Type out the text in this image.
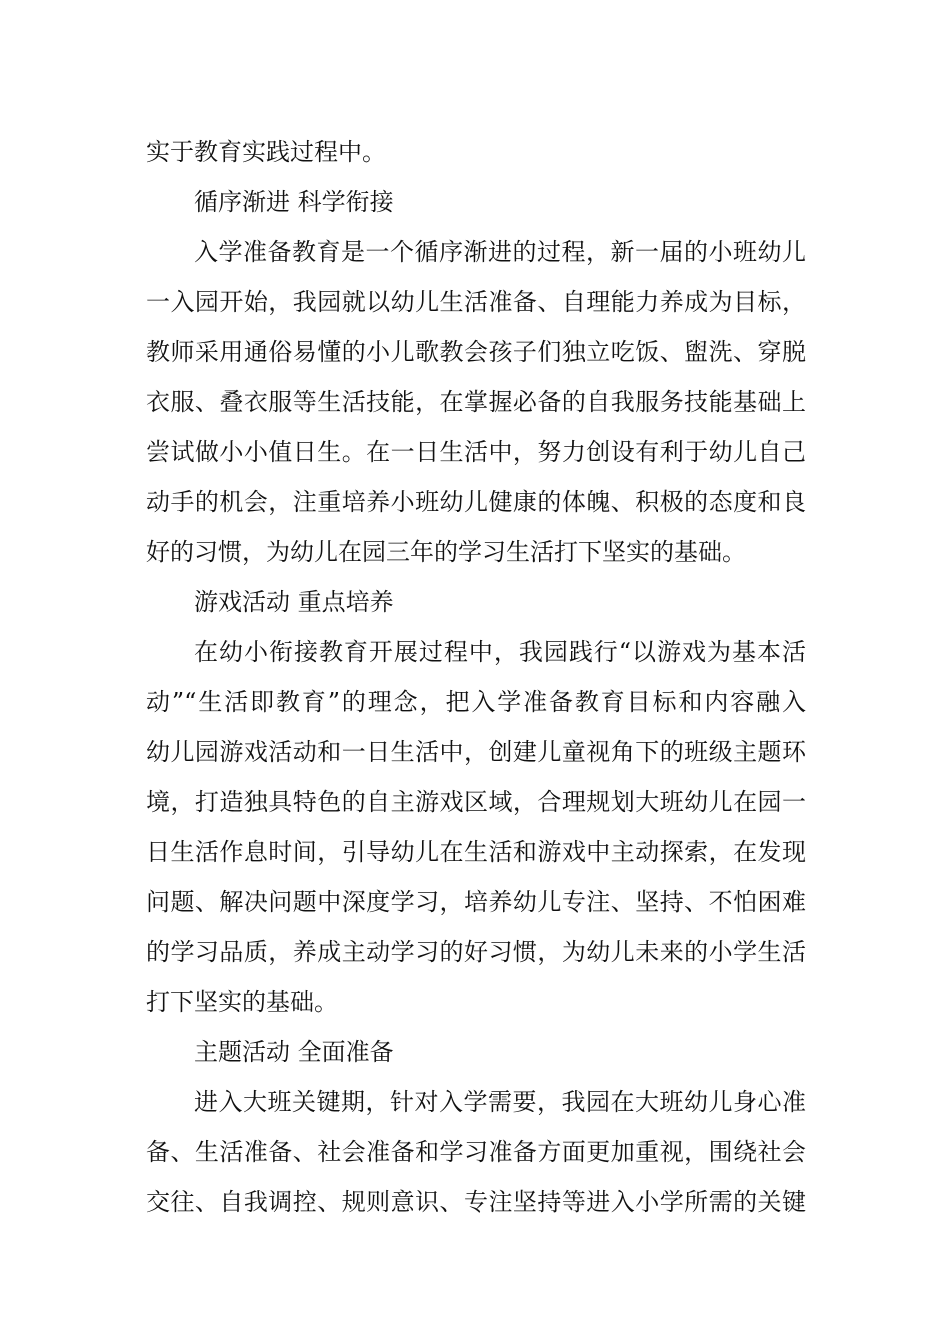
实于教育实践过程中。

循序渐进 科学衔接

入学准备教育是一个循序渐进的过程，新一届的小班幼儿

一入园开始，我园就以幼儿生活准备、自理能力养成为目标，

教师采用通俗易懂的小儿歌教会孩子们独立吃饭、盥洗、穿脱

衣服、叠衣服等生活技能，在掌握必备的自我服务技能基础上

尝试做小小值日生。在一日生活中，努力创设有利于幼儿自己

动手的机会，注重培养小班幼儿健康的体魄、积极的态度和良

好的习惯，为幼儿在园三年的学习生活打下坚实的基础。

游戏活动 重点培养

在幼小衔接教育开展过程中，我园践行“以游戏为基本活

动”“生活即教育”的理念，把入学准备教育目标和内容融入

幼儿园游戏活动和一日生活中，创建儿童视角下的班级主题环

境，打造独具特色的自主游戏区域，合理规划大班幼儿在园一

日生活作息时间，引导幼儿在生活和游戏中主动探索，在发现

问题、解决问题中深度学习，培养幼儿专注、坚持、不怕困难

的学习品质，养成主动学习的好习惯，为幼儿未来的小学生活

打下坚实的基础。

主题活动 全面准备

进入大班关键期，针对入学需要，我园在大班幼儿身心准

备、生活准备、社会准备和学习准备方面更加重视，围绕社会

交往、自我调控、规则意识、专注坚持等进入小学所需的关键
